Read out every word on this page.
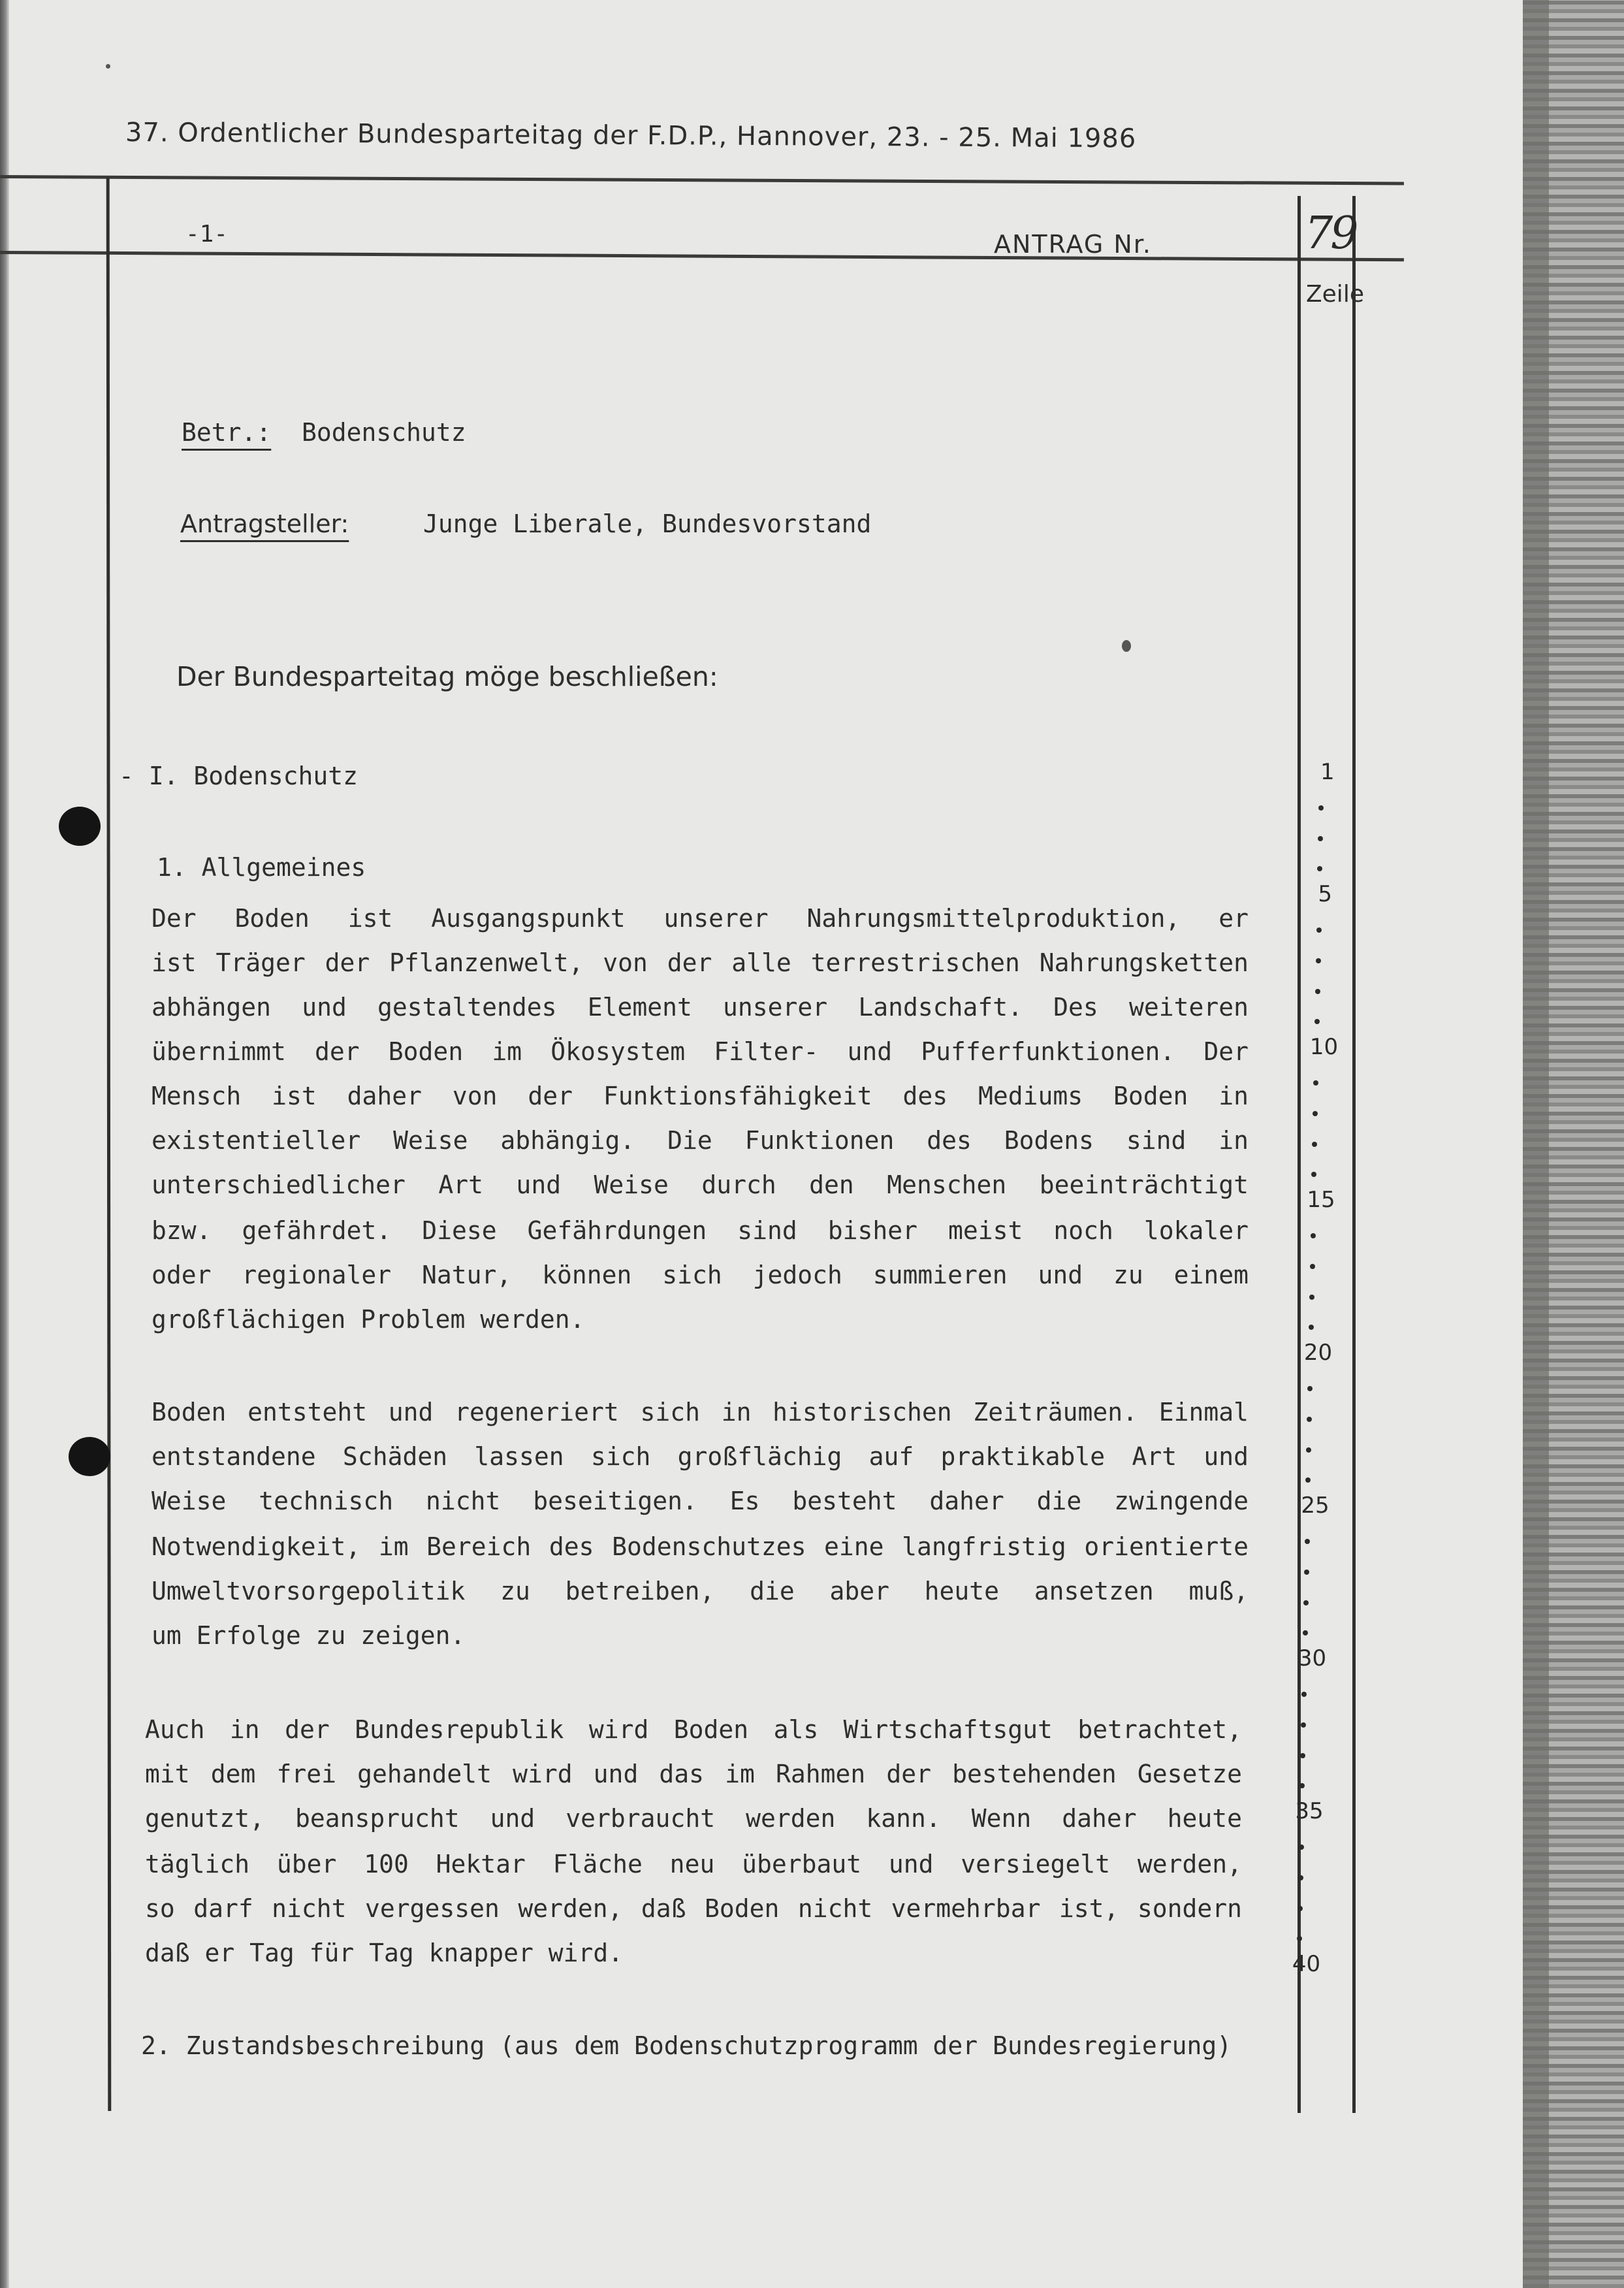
37. Ordentlicher Bundesparteitag der F.D.P., Hannover, 23. - 25. Mai 1986
-1-	ANTRAG Nr.	79
Zeile
Betr.: Bodenschutz
Antragsteller:	Junge Liberale, Bundesvorstand
Der Bundesparteitag möge beschließen:
- I. Bodenschutz
1. Allgemeines
Der Boden ist Ausgangspunkt unserer Nahrungsmittelproduktion, er
ist Träger der Pflanzenwelt, von der alle terrestrischen Nahrungsketten
abhängen und gestaltendes Element unserer Landschaft. Des weiteren
übernimmt der Boden im Ökosystem Filter- und Pufferfunktionen. Der
Mensch ist daher von der Funktionsfähigkeit des Mediums Boden in
existentieller Weise abhängig. Die Funktionen des Bodens sind in
unterschiedlicher Art und Weise durch den Menschen beeinträchtigt
bzw. gefährdet. Diese Gefährdungen sind bisher meist noch lokaler
oder regionaler Natur, können sich jedoch summieren und zu einem
großflächigen Problem werden.
Boden entsteht und regeneriert sich in historischen Zeiträumen. Einmal
entstandene Schäden lassen sich großflächig auf praktikable Art und
Weise technisch nicht beseitigen. Es besteht daher die zwingende
Notwendigkeit, im Bereich des Bodenschutzes eine langfristig orientierte
Umweltvorsorgepolitik zu betreiben, die aber heute ansetzen muß,
um Erfolge zu zeigen.
Auch in der Bundesrepublik wird Boden als Wirtschaftsgut betrachtet,
mit dem frei gehandelt wird und das im Rahmen der bestehenden Gesetze
genutzt, beansprucht und verbraucht werden kann. Wenn daher heute
täglich über 100 Hektar Fläche neu überbaut und versiegelt werden,
so darf nicht vergessen werden, daß Boden nicht vermehrbar ist, sondern
daß er Tag für Tag knapper wird.
2. Zustandsbeschreibung (aus dem Bodenschutzprogramm der Bundesregierung)
1
5
10
15
20
25
30
35
40
